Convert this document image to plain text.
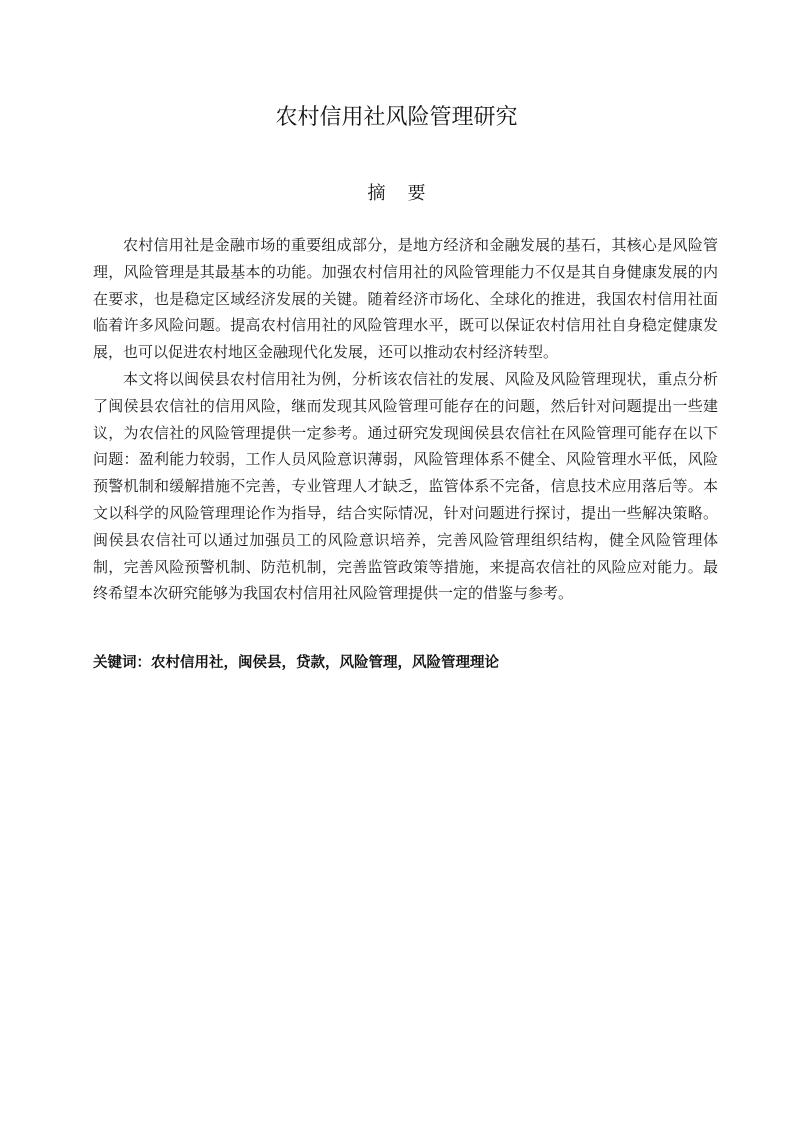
农村信用社风险管理研究
摘要

农村信用社是金融市场的重要组成部分，是地方经济和金融发展的基石，其核心是风险管理，风险管理是其最基本的功能。加强农村信用社的风险管理能力不仅是其自身健康发展的内在要求，也是稳定区域经济发展的关键。随着经济市场化、全球化的推进，我国农村信用社面临着许多风险问题。提高农村信用社的风险管理水平，既可以保证农村信用社自身稳定健康发展，也可以促进农村地区金融现代化发展，还可以推动农村经济转型。

本文将以闽侯县农村信用社为例，分析该农信社的发展、风险及风险管理现状，重点分析了闽侯县农信社的信用风险，继而发现其风险管理可能存在的问题，然后针对问题提出一些建议，为农信社的风险管理提供一定参考。通过研究发现闽侯县农信社在风险管理可能存在以下问题：盈利能力较弱，工作人员风险意识薄弱，风险管理体系不健全、风险管理水平低，风险预警机制和缓解措施不完善，专业管理人才缺乏，监管体系不完备，信息技术应用落后等。本文以科学的风险管理理论作为指导，结合实际情况，针对问题进行探讨，提出一些解决策略。闽侯县农信社可以通过加强员工的风险意识培养，完善风险管理组织结构，健全风险管理体制，完善风险预警机制、防范机制，完善监管政策等措施，来提高农信社的风险应对能力。最终希望本次研究能够为我国农村信用社风险管理提供一定的借鉴与参考。

关键词：农村信用社，闽侯县，贷款，风险管理，风险管理理论
